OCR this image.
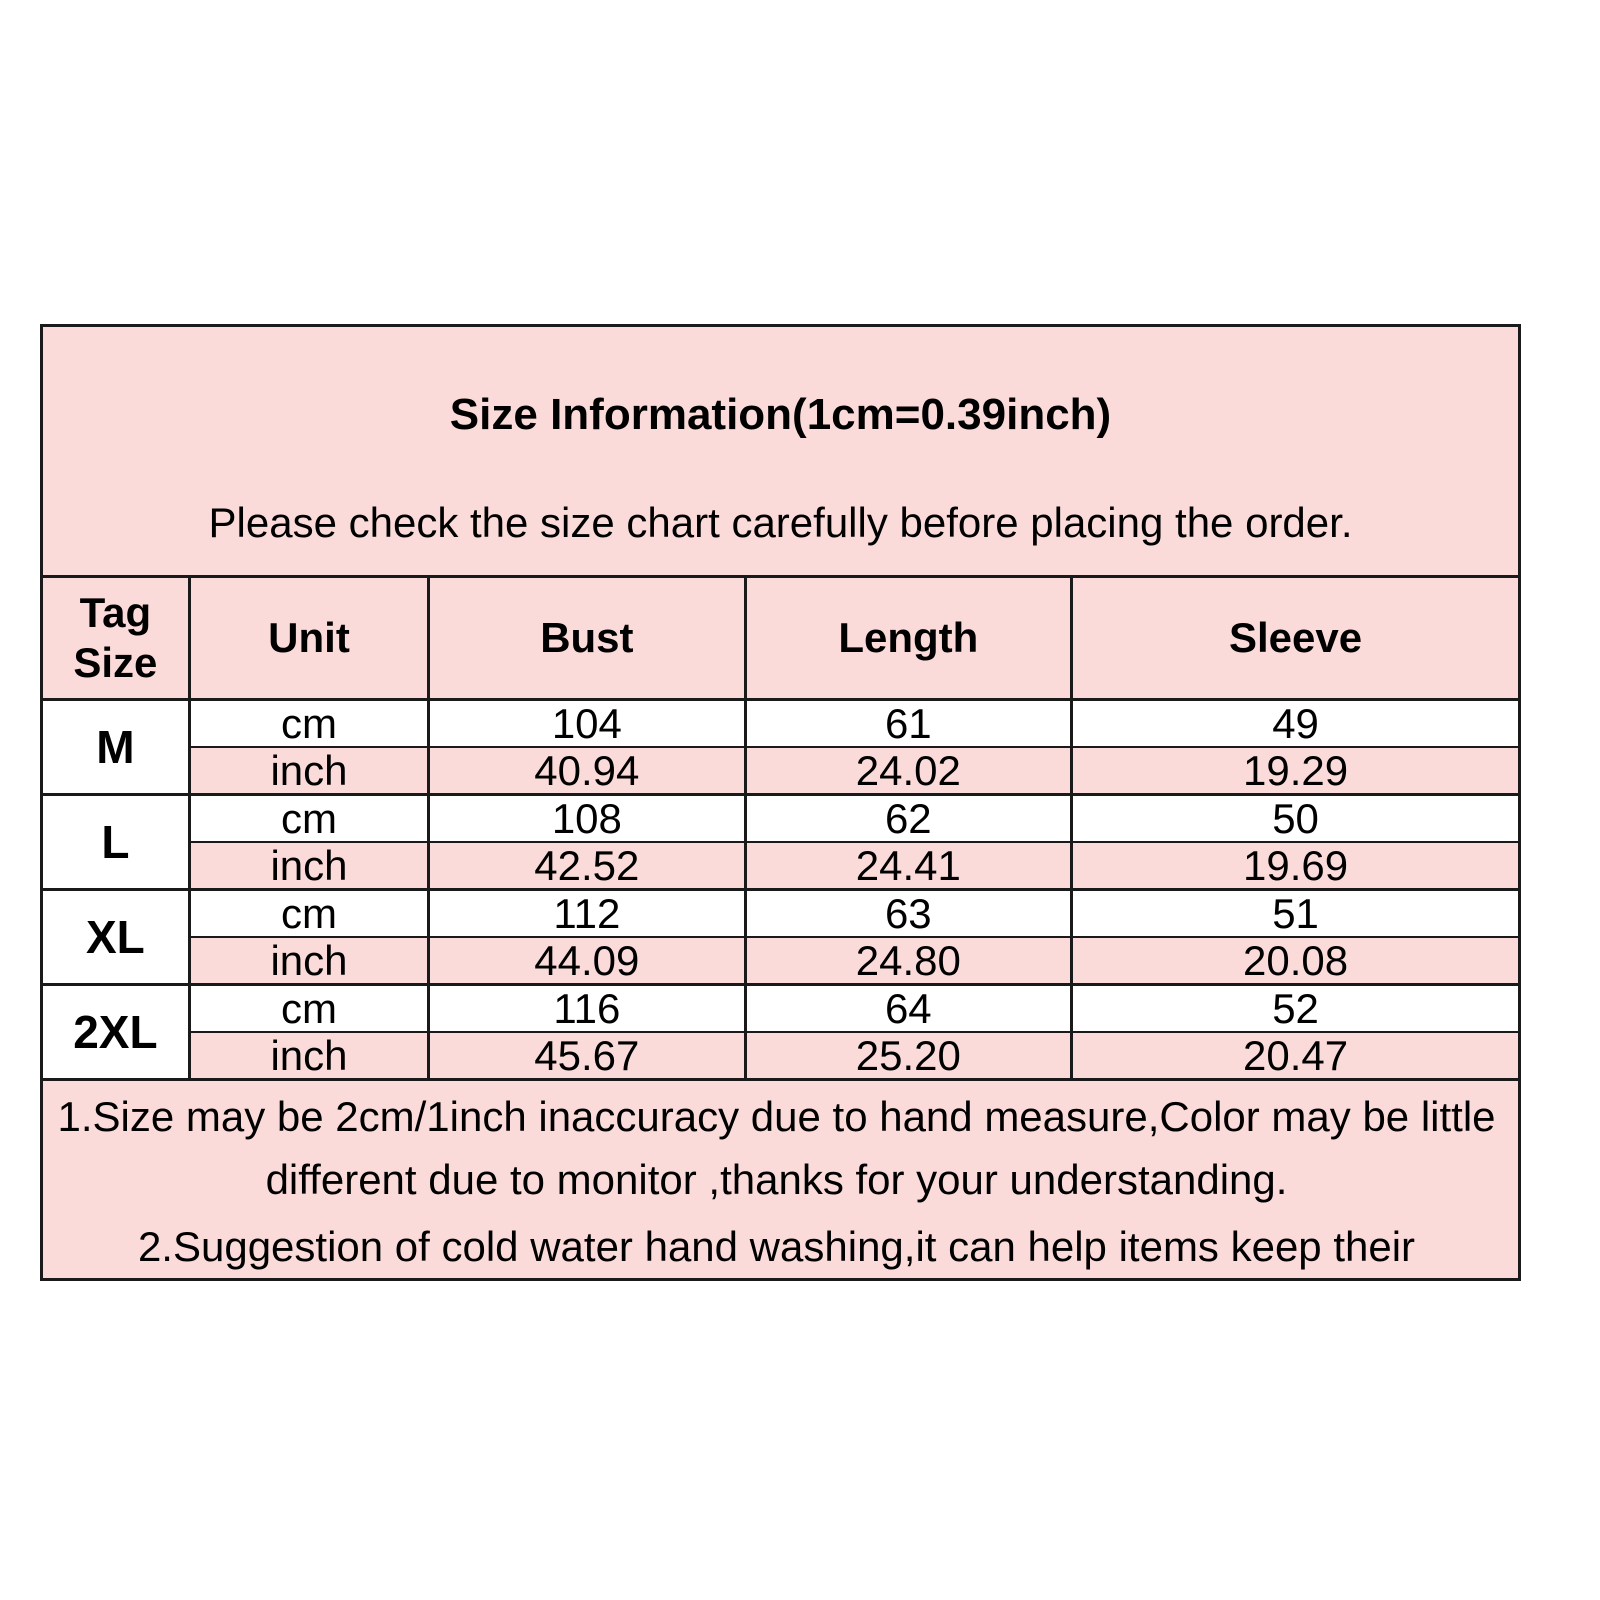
Size Information(1cm=0.39inch)
Please check the size chart carefully before placing the order.				

Tag Size	Unit	Bust	Length	Sleeve
M	cm	104	61	49
	inch	40.94	24.02	19.29
L	cm	108	62	50
	inch	42.52	24.41	19.69
XL	cm	112	63	51
	inch	44.09	24.80	20.08
2XL	cm	116	64	52
	inch	45.67	25.20	20.47

1.Size may be 2cm/1inch inaccuracy due to hand measure,Color may be little different due to monitor ,thanks for your understanding.
2.Suggestion of cold water hand washing,it can help items keep their				
